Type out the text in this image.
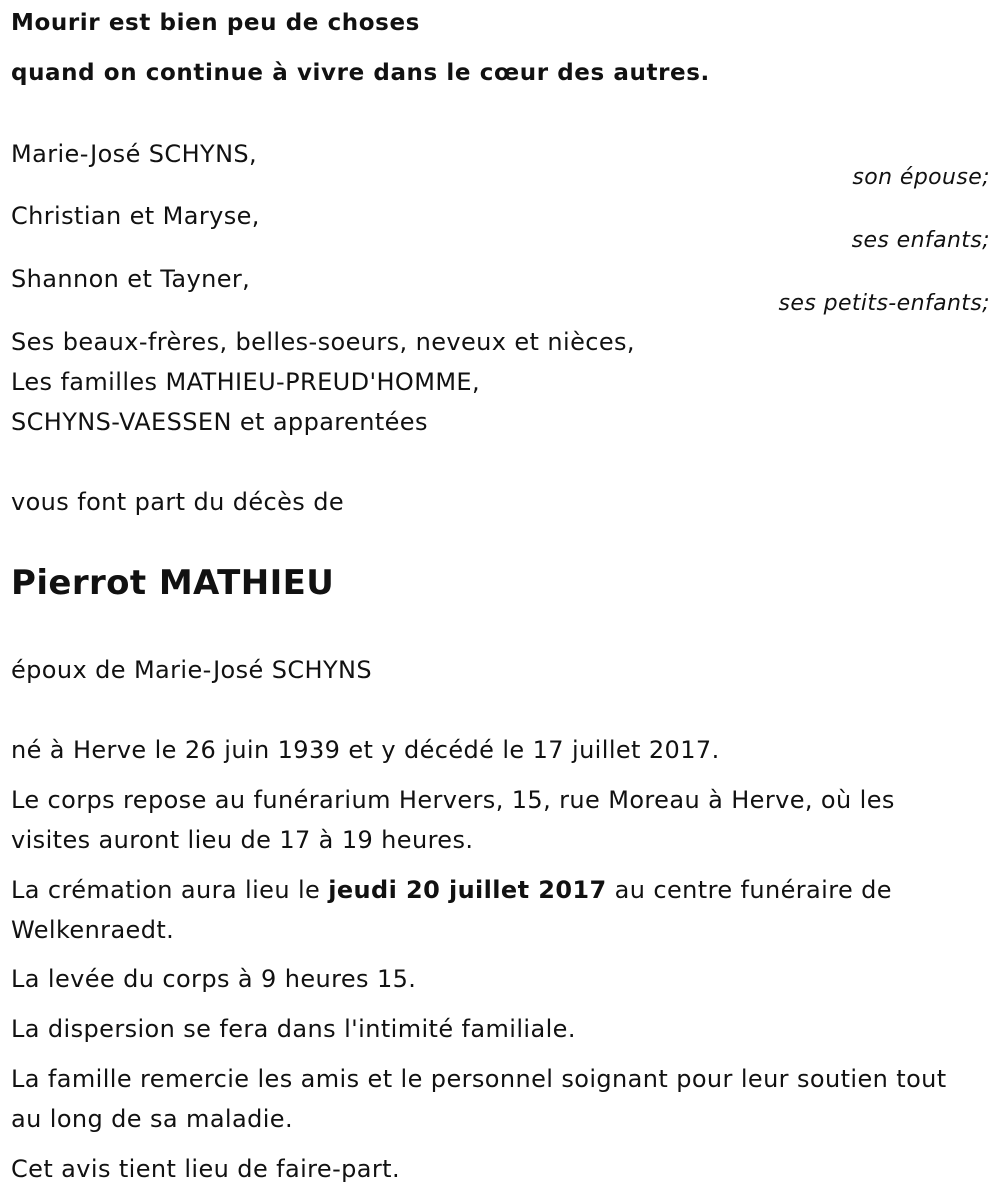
Mourir est bien peu de choses
quand on continue à vivre dans le cœur des autres.
Marie-José SCHYNS,
son épouse;
Christian et Maryse,
ses enfants;
Shannon et Tayner,
ses petits-enfants;
Ses beaux-frères, belles-soeurs, neveux et nièces,
Les familles MATHIEU-PREUD'HOMME,
SCHYNS-VAESSEN et apparentées
vous font part du décès de
Pierrot MATHIEU
époux de Marie-José SCHYNS
né à Herve le 26 juin 1939 et y décédé le 17 juillet 2017.
Le corps repose au funérarium Hervers, 15, rue Moreau à Herve, où les visites auront lieu de 17 à 19 heures.
La crémation aura lieu le jeudi 20 juillet 2017 au centre funéraire de Welkenraedt.
La levée du corps à 9 heures 15.
La dispersion se fera dans l'intimité familiale.
La famille remercie les amis et le personnel soignant pour leur soutien tout au long de sa maladie.
Cet avis tient lieu de faire-part.
